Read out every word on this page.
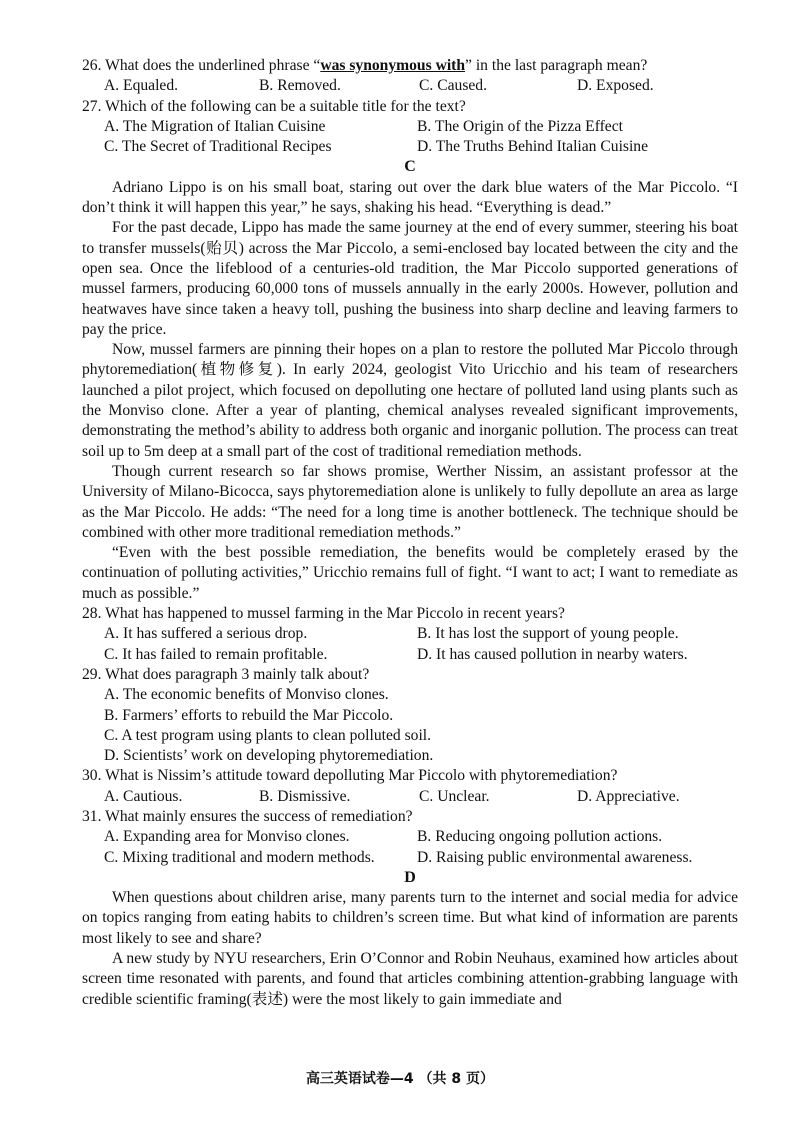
26. What does the underlined phrase “was synonymous with” in the last paragraph mean?
A. Equaled.	B. Removed.	C. Caused.	D. Exposed.
27. Which of the following can be a suitable title for the text?
A. The Migration of Italian Cuisine	B. The Origin of the Pizza Effect
C. The Secret of Traditional Recipes	D. The Truths Behind Italian Cuisine
C

Adriano Lippo is on his small boat, staring out over the dark blue waters of the Mar Piccolo. “I don’t think it will happen this year,” he says, shaking his head. “Everything is dead.”

For the past decade, Lippo has made the same journey at the end of every summer, steering his boat to transfer mussels(贻贝) across the Mar Piccolo, a semi-enclosed bay located between the city and the open sea. Once the lifeblood of a centuries-old tradition, the Mar Piccolo supported generations of mussel farmers, producing 60,000 tons of mussels annually in the early 2000s. However, pollution and heatwaves have since taken a heavy toll, pushing the business into sharp decline and leaving farmers to pay the price.

Now, mussel farmers are pinning their hopes on a plan to restore the polluted Mar Piccolo through phytoremediation(植物修复). In early 2024, geologist Vito Uricchio and his team of researchers launched a pilot project, which focused on depolluting one hectare of polluted land using plants such as the Monviso clone. After a year of planting, chemical analyses revealed significant improvements, demonstrating the method’s ability to address both organic and inorganic pollution. The process can treat soil up to 5m deep at a small part of the cost of traditional remediation methods.

Though current research so far shows promise, Werther Nissim, an assistant professor at the University of Milano-Bicocca, says phytoremediation alone is unlikely to fully depollute an area as large as the Mar Piccolo. He adds: “The need for a long time is another bottleneck. The technique should be combined with other more traditional remediation methods.”

“Even with the best possible remediation, the benefits would be completely erased by the continuation of polluting activities,” Uricchio remains full of fight. “I want to act; I want to remediate as much as possible.”

28. What has happened to mussel farming in the Mar Piccolo in recent years?
A. It has suffered a serious drop.	B. It has lost the support of young people.
C. It has failed to remain profitable.	D. It has caused pollution in nearby waters.
29. What does paragraph 3 mainly talk about?
A. The economic benefits of Monviso clones.
B. Farmers’ efforts to rebuild the Mar Piccolo.
C. A test program using plants to clean polluted soil.
D. Scientists’ work on developing phytoremediation.
30. What is Nissim’s attitude toward depolluting Mar Piccolo with phytoremediation?
A. Cautious.	B. Dismissive.	C. Unclear.	D. Appreciative.
31. What mainly ensures the success of remediation?
A. Expanding area for Monviso clones.	B. Reducing ongoing pollution actions.
C. Mixing traditional and modern methods.	D. Raising public environmental awareness.
D

When questions about children arise, many parents turn to the internet and social media for advice on topics ranging from eating habits to children’s screen time. But what kind of information are parents most likely to see and share?

A new study by NYU researchers, Erin O’Connor and Robin Neuhaus, examined how articles about screen time resonated with parents, and found that articles combining attention-grabbing language with credible scientific framing(表述) were the most likely to gain immediate and

高三英语试卷—4 （共 8 页）
